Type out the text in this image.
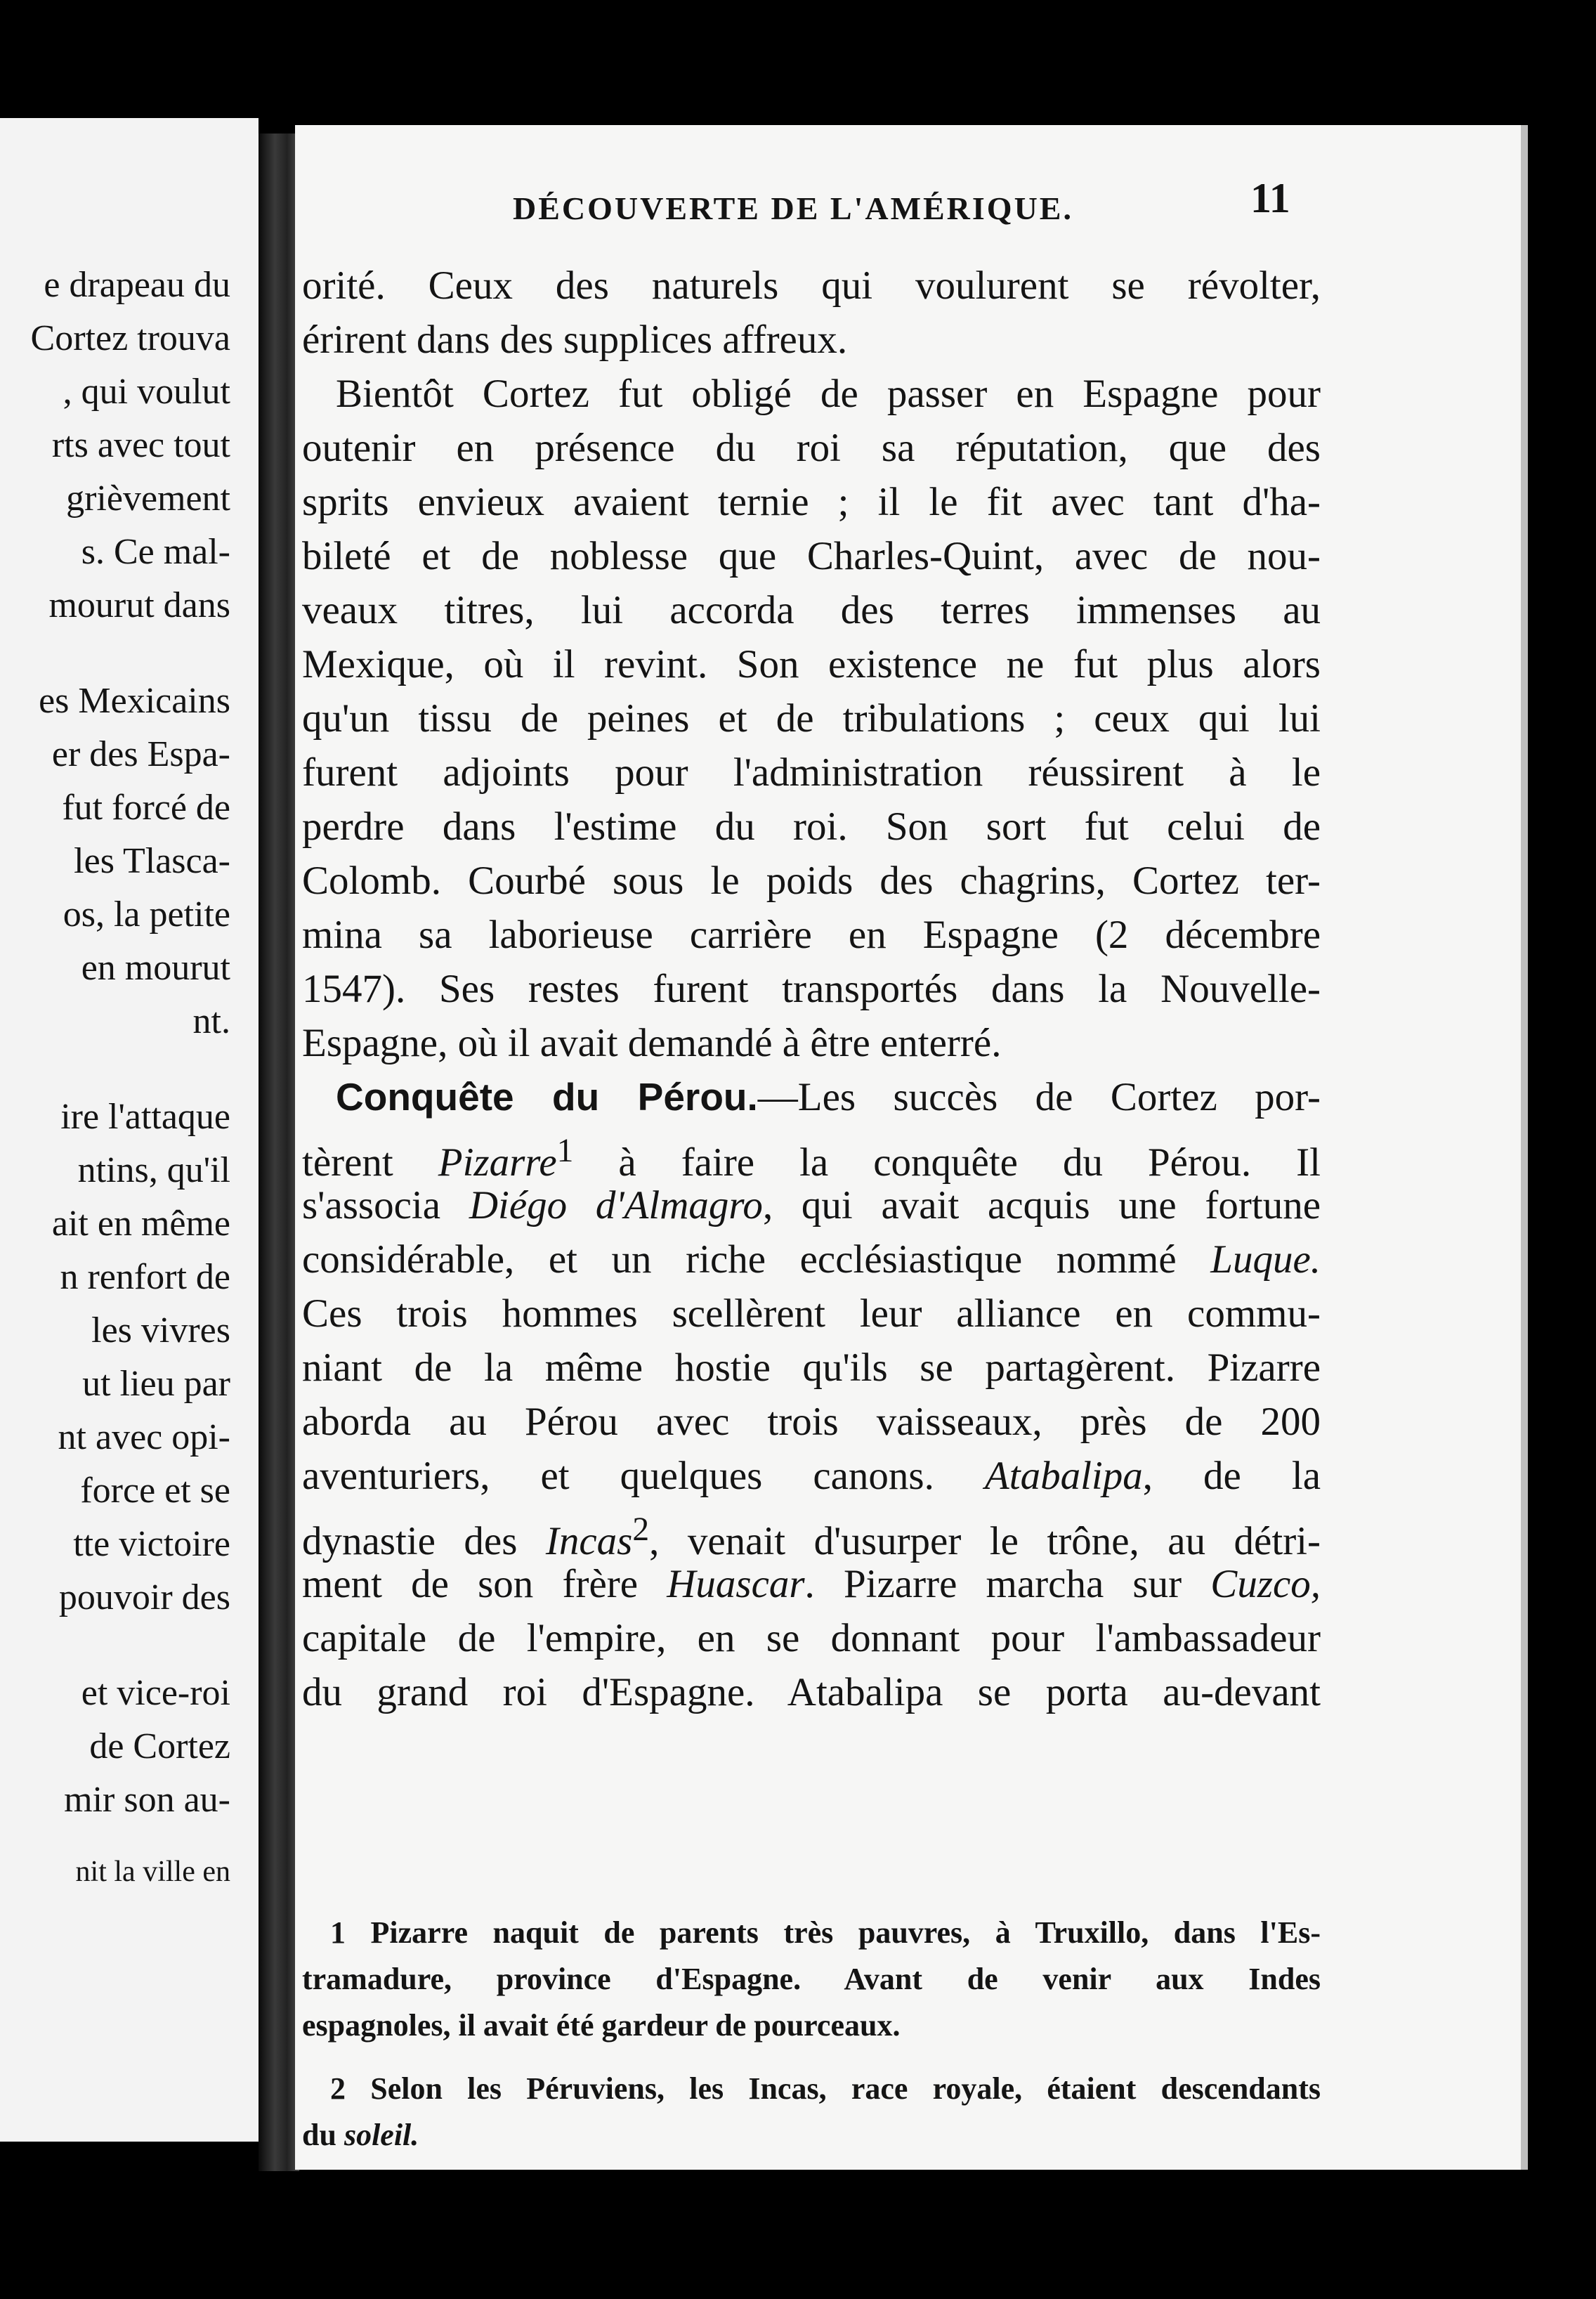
e drapeau du
Cortez trouva
, qui voulut
rts avec tout
grièvement
s. Ce mal-
mourut dans
es Mexicains
er des Espa-
fut forcé de
les Tlasca-
os, la petite
en mourut
nt.
ire l'attaque
ntins, qu'il
ait en même
n renfort de
les vivres
ut lieu par
nt avec opi-
force et se
tte victoire
pouvoir des
et vice-roi
de Cortez
mir son au-
nit la ville en
DÉCOUVERTE DE L'AMÉRIQUE.	11
orité. Ceux des naturels qui voulurent se révolter,
érirent dans des supplices affreux.
Bientôt Cortez fut obligé de passer en Espagne pour
outenir en présence du roi sa réputation, que des
sprits envieux avaient ternie ; il le fit avec tant d'ha-
bileté et de noblesse que Charles-Quint, avec de nou-
veaux titres, lui accorda des terres immenses au
Mexique, où il revint. Son existence ne fut plus alors
qu'un tissu de peines et de tribulations ; ceux qui lui
furent adjoints pour l'administration réussirent à le
perdre dans l'estime du roi. Son sort fut celui de
Colomb. Courbé sous le poids des chagrins, Cortez ter-
mina sa laborieuse carrière en Espagne (2 décembre
1547). Ses restes furent transportés dans la Nouvelle-
Espagne, où il avait demandé à être enterré.
Conquête du Pérou.—Les succès de Cortez por-
tèrent Pizarre$^1$ à faire la conquête du Pérou. Il
s'associa Diégo d'Almagro, qui avait acquis une fortune
considérable, et un riche ecclésiastique nommé Luque.
Ces trois hommes scellèrent leur alliance en commu-
niant de la même hostie qu'ils se partagèrent. Pizarre
aborda au Pérou avec trois vaisseaux, près de 200
aventuriers, et quelques canons. Atabalipa, de la
dynastie des Incas$^2$, venait d'usurper le trône, au détri-
ment de son frère Huascar. Pizarre marcha sur Cuzco,
capitale de l'empire, en se donnant pour l'ambassadeur
du grand roi d'Espagne. Atabalipa se porta au-devant
1 Pizarre naquit de parents très pauvres, à Truxillo, dans l'Es-
tramadure, province d'Espagne. Avant de venir aux Indes
espagnoles, il avait été gardeur de pourceaux.
2 Selon les Péruviens, les Incas, race royale, étaient descendants
du soleil.
